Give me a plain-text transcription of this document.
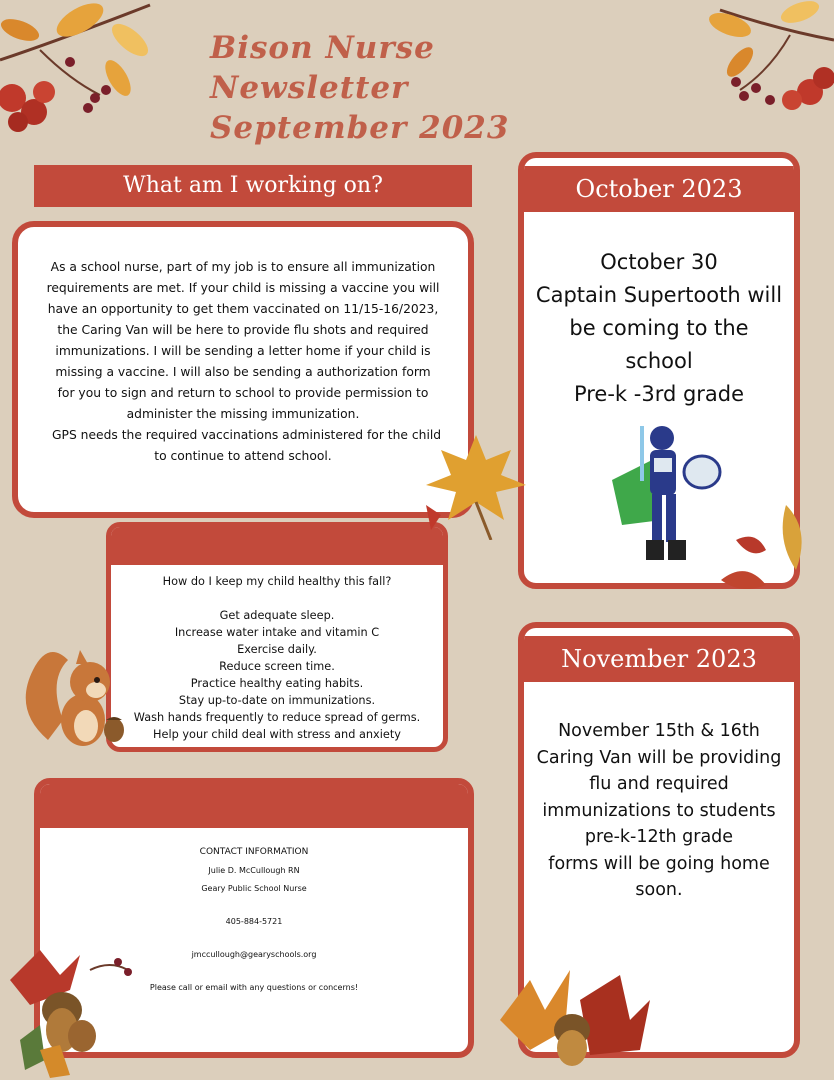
Bison Nurse Newsletter
September 2023
What am I working on?

As a school nurse, part of my job is to ensure all immunization

requirements are met. If your child is missing a vaccine you will

have an opportunity to get them vaccinated on 11/15-16/2023,

the Caring Van will be here to provide flu shots and required

immunizations. I will be sending a letter home if your child is

missing a vaccine. I will also be sending a authorization form

for you to sign and return to school to provide permission to

administer the missing immunization.

GPS needs the required vaccinations administered for the child

to continue to attend school.

How do I keep my child healthy this fall?

Get adequate sleep.

Increase water intake and vitamin C

Exercise daily.

Reduce screen time.

Practice healthy eating habits.

Stay up-to-date on immunizations.

Wash hands frequently to reduce spread of germs.

Help your child deal with stress and anxiety

CONTACT INFORMATION
Julie D. McCullough RN
Geary Public School Nurse
405-884-5721
jmccullough@gearyschools.org
Please call or email with any questions or concerns!
October 2023

October 30

Captain Supertooth will

be coming to the

school

Pre-k -3rd grade

November 2023

November 15th & 16th

Caring Van will be providing

flu and required

immunizations to students

pre-k-12th grade

forms will be going home

soon.
